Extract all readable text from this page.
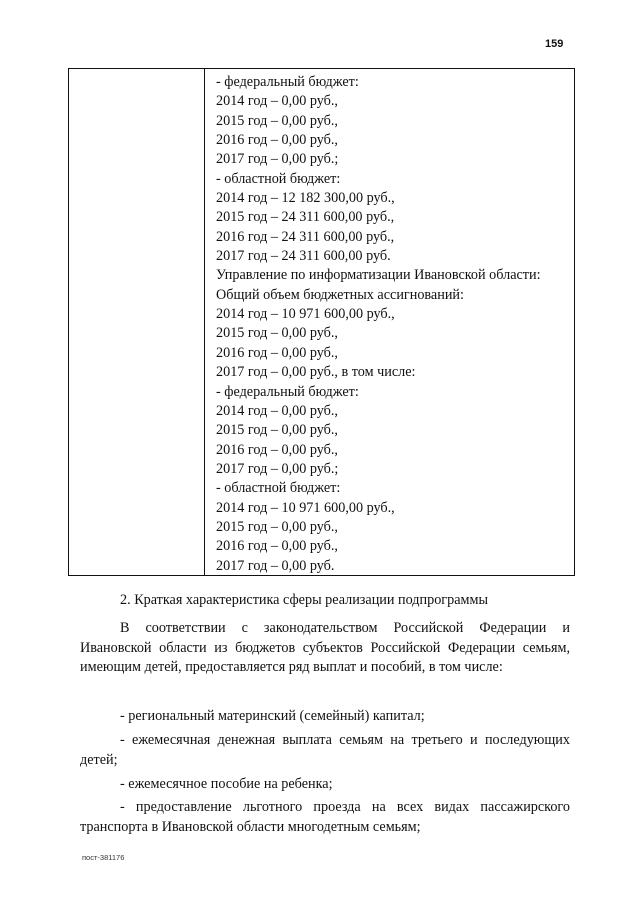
159
- федеральный бюджет:
2014 год – 0,00 руб.,
2015 год – 0,00 руб.,
2016 год – 0,00 руб.,
2017 год – 0,00 руб.;
- областной бюджет:
2014 год – 12 182 300,00 руб.,
2015 год – 24 311 600,00 руб.,
2016 год – 24 311 600,00 руб.,
2017 год – 24 311 600,00 руб.
Управление по информатизации Ивановской области:
Общий объем бюджетных ассигнований:
2014 год – 10 971 600,00 руб.,
2015 год – 0,00 руб.,
2016 год – 0,00 руб.,
2017 год – 0,00 руб., в том числе:
- федеральный бюджет:
2014 год – 0,00 руб.,
2015 год – 0,00 руб.,
2016 год – 0,00 руб.,
2017 год – 0,00 руб.;
- областной бюджет:
2014 год – 10 971 600,00 руб.,
2015 год – 0,00 руб.,
2016 год – 0,00 руб.,
2017 год – 0,00 руб.
2. Краткая характеристика сферы реализации подпрограммы
В соответствии с законодательством Российской Федерации и Ивановской области из бюджетов субъектов Российской Федерации семьям, имеющим детей, предоставляется ряд выплат и пособий, в том числе:
- региональный материнский (семейный) капитал;
- ежемесячная денежная выплата семьям на третьего и последующих детей;
- ежемесячное пособие на ребенка;
- предоставление льготного проезда на всех видах пассажирского транспорта в Ивановской области многодетным семьям;
пост-381176
